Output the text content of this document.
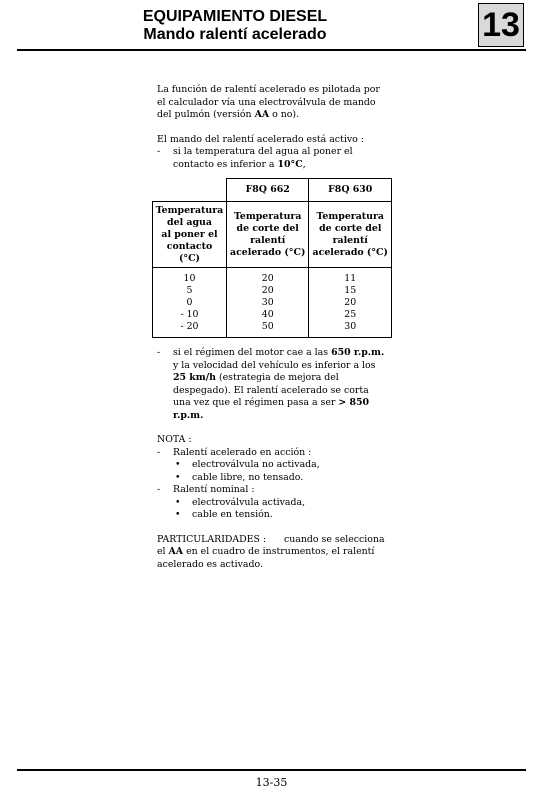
EQUIPAMIENTO DIESEL
Mando ralentí acelerado	13

La función de ralentí acelerado es pilotada por el calculador vía una electroválvula de mando del pulmón (versión AA o no).

El mando del ralentí acelerado está activo :

-	si la temperatura del agua al poner el contacto es inferior a 10°C,
	F8Q 662	F8Q 630

Temperatura
del agua
al poner el
contacto
(°C)	Temperatura
de corte del
ralentí
acelerado (°C)	Temperatura
de corte del
ralentí
acelerado (°C)

10
5
0
- 10
- 20	20
20
30
40
50	11
15
20
25
30
-	si el régimen del motor cae a las 650 r.p.m. y la velocidad del vehículo es inferior a los 25 km/h (estrategia de mejora del despegado). El ralentí acelerado se corta una vez que el régimen pasa a ser > 850 r.p.m.

NOTA :

-	Ralentí acelerado en acción :
•	electroválvula no activada,
•	cable libre, no tensado.
-	Ralentí nominal :
•	electroválvula activada,
•	cable en tensión.

PARTICULARIDADES : cuando se selecciona el AA en el cuadro de instrumentos, el ralentí acelerado es activado.

13-35
